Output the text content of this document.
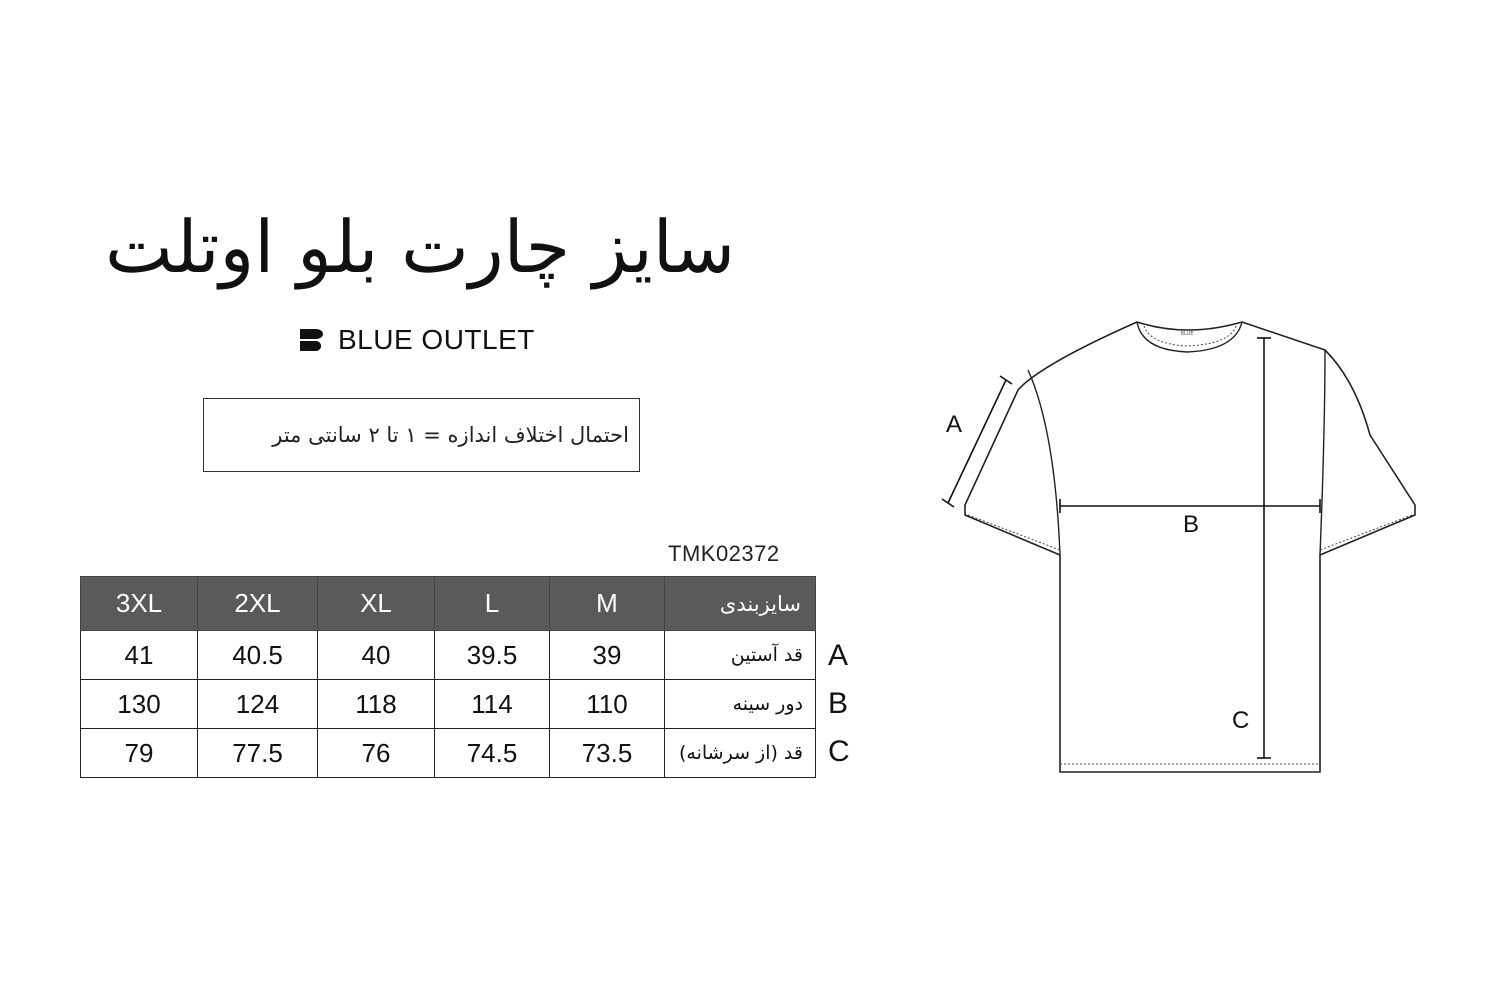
سایز چارت بلو اوتلت
BLUE OUTLET
احتمال اختلاف اندازه = ۱ تا ۲ سانتی متر
TMK02372
3XL	2XL	XL	L	M	سایزبندی
41	40.5	40	39.5	39	قد آستین
130	124	118	114	110	دور سینه
79	77.5	76	74.5	73.5	قد (از سرشانه)
A
B
C
BLUE
A
B
C
